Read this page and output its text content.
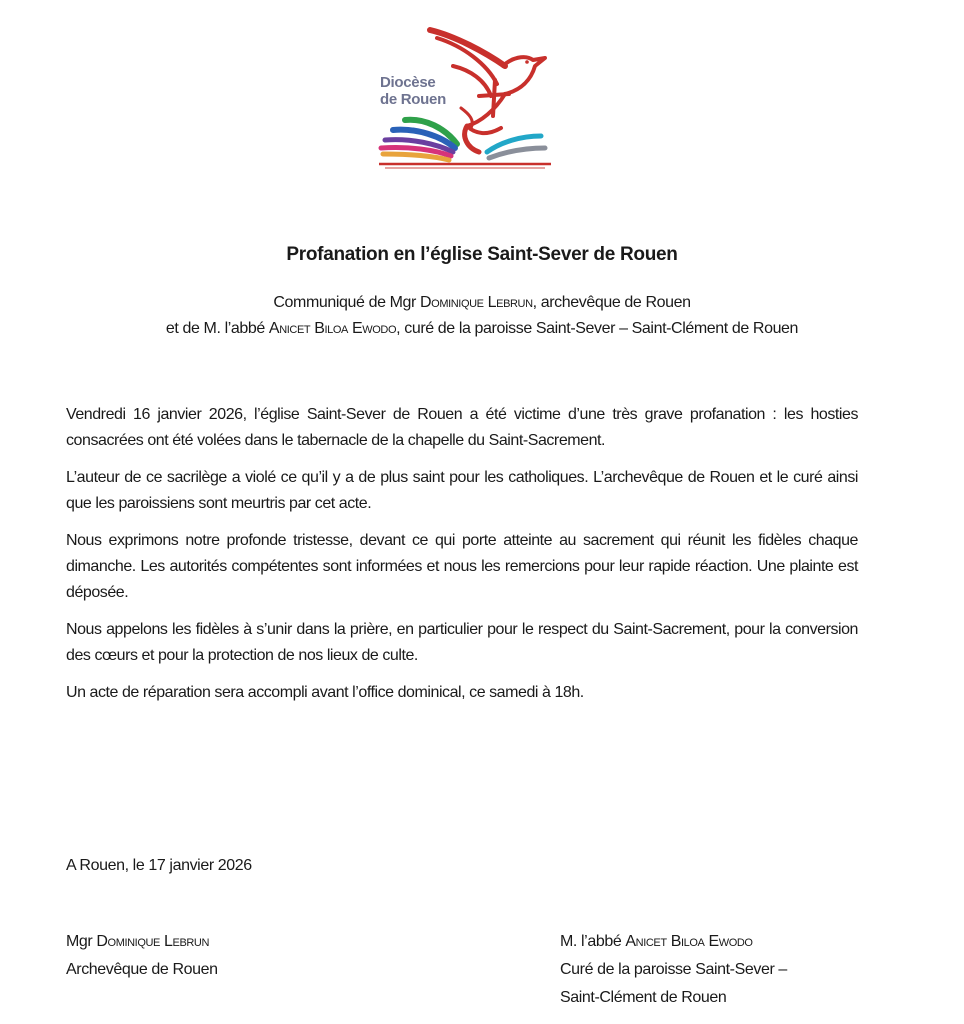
Diocèse
de Rouen
Profanation en l’église Saint-Sever de Rouen
Communiqué de Mgr Dominique Lebrun, archevêque de Rouen
et de M. l’abbé Anicet Biloa Ewodo, curé de la paroisse Saint-Sever – Saint-Clément de Rouen

Vendredi 16 janvier 2026, l’église Saint-Sever de Rouen a été victime d’une très grave profanation : les hosties consacrées ont été volées dans le tabernacle de la chapelle du Saint-Sacrement.

L’auteur de ce sacrilège a violé ce qu’il y a de plus saint pour les catholiques. L’archevêque de Rouen et le curé ainsi que les paroissiens sont meurtris par cet acte.

Nous exprimons notre profonde tristesse, devant ce qui porte atteinte au sacrement qui réunit les fidèles chaque dimanche. Les autorités compétentes sont informées et nous les remercions pour leur rapide réaction. Une plainte est déposée.

Nous appelons les fidèles à s’unir dans la prière, en particulier pour le respect du Saint-Sacrement, pour la conversion des cœurs et pour la protection de nos lieux de culte.

Un acte de réparation sera accompli avant l’office dominical, ce samedi à 18h.

A Rouen, le 17 janvier 2026
Mgr Dominique Lebrun
Archevêque de Rouen
M. l’abbé Anicet Biloa Ewodo
Curé de la paroisse Saint-Sever –
Saint-Clément de Rouen
